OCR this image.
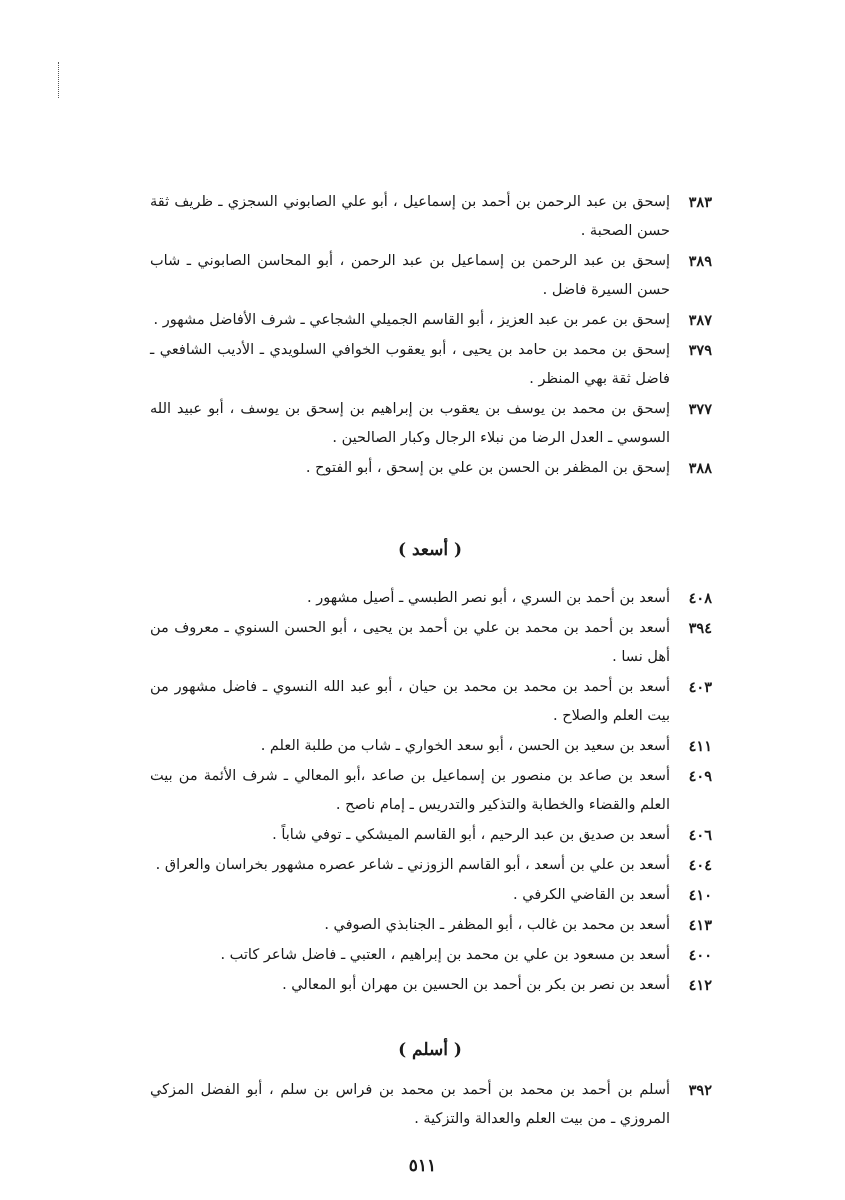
٣٨٣
إسحق بن عبد الرحمن بن أحمد بن إسماعيل ، أبو علي الصابوني السجزي ـ ظريف ثقة حسن الصحبة .
٣٨٩
إسحق بن عبد الرحمن بن إسماعيل بن عبد الرحمن ، أبو المحاسن الصابوني ـ شاب حسن السيرة فاضل .
٣٨٧
إسحق بن عمر بن عبد العزيز ، أبو القاسم الجميلي الشجاعي ـ شرف الأفاضل مشهور .
٣٧٩
إسحق بن محمد بن حامد بن يحيى ، أبو يعقوب الخوافي السلويدي ـ الأديب الشافعي ـ فاضل ثقة بهي المنظر .
٣٧٧
إسحق بن محمد بن يوسف بن يعقوب بن إبراهيم بن إسحق بن يوسف ، أبو عبيد الله السوسي ـ العدل الرضا من نبلاء الرجال وكبار الصالحين .
٣٨٨
إسحق بن المظفر بن الحسن بن علي بن إسحق ، أبو الفتوح .
( أسعد )
٤٠٨
أسعد بن أحمد بن السري ، أبو نصر الطبسي ـ أصيل مشهور .
٣٩٤
أسعد بن أحمد بن محمد بن علي بن أحمد بن يحيى ، أبو الحسن السنوي ـ معروف من أهل نسا .
٤٠٣
أسعد بن أحمد بن محمد بن محمد بن حيان ، أبو عبد الله النسوي ـ فاضل مشهور من بيت العلم والصلاح .
٤١١
أسعد بن سعيد بن الحسن ، أبو سعد الخواري ـ شاب من طلبة العلم .
٤٠٩
أسعد بن صاعد بن منصور بن إسماعيل بن صاعد ،أبو المعالي ـ شرف الأئمة من بيت العلم والقضاء والخطابة والتذكير والتدريس ـ إمام ناصح .
٤٠٦
أسعد بن صديق بن عبد الرحيم ، أبو القاسم الميشكي ـ توفي شاباً .
٤٠٤
أسعد بن علي بن أسعد ، أبو القاسم الزوزني ـ شاعر عصره مشهور بخراسان والعراق .
٤١٠
أسعد بن القاضي الكرفي .
٤١٣
أسعد بن محمد بن غالب ، أبو المظفر ـ الجنابذي الصوفي .
٤٠٠
أسعد بن مسعود بن علي بن محمد بن إبراهيم ، العتبي ـ فاضل شاعر كاتب .
٤١٢
أسعد بن نصر بن بكر بن أحمد بن الحسين بن مهران أبو المعالي .
( أسلم )
٣٩٢
أسلم بن أحمد بن محمد بن أحمد بن محمد بن فراس بن سلم ، أبو الفضل المزكي المروزي ـ من بيت العلم والعدالة والتزكية .
٥١١
